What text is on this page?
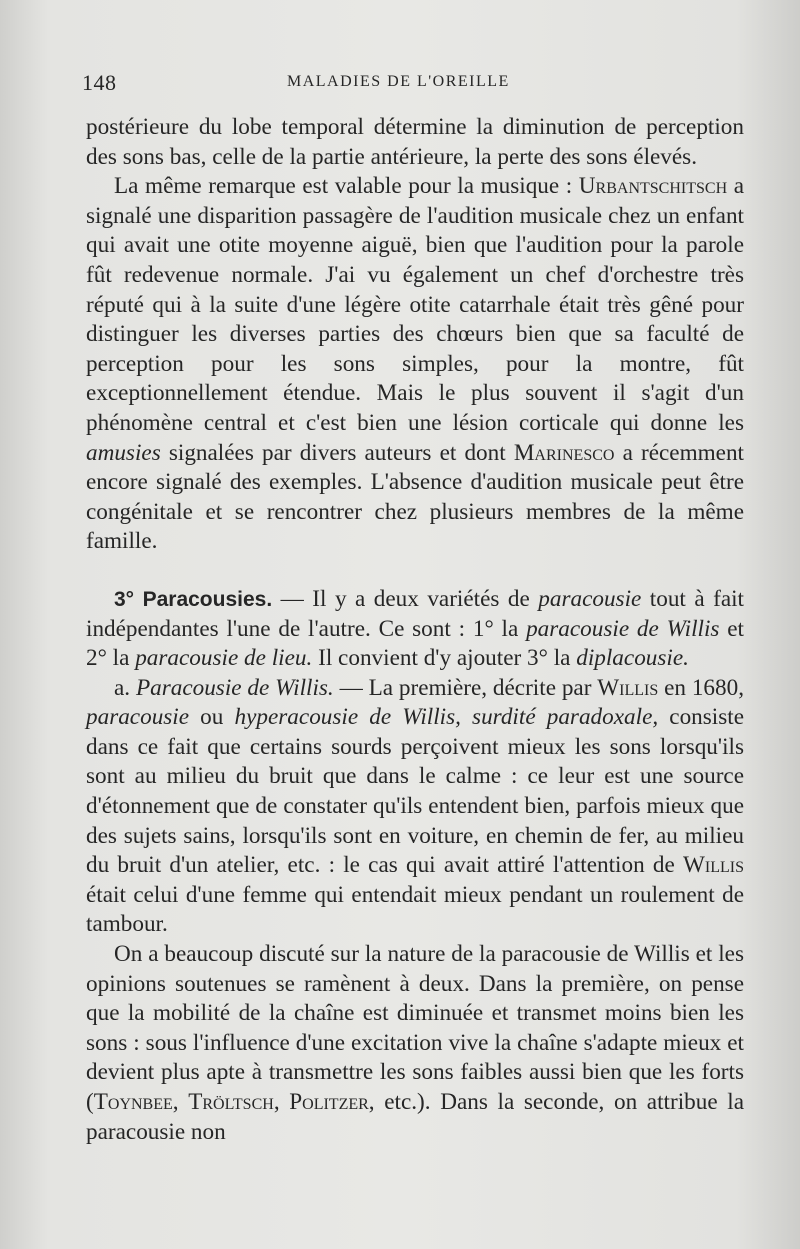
148	MALADIES DE L'OREILLE

postérieure du lobe temporal détermine la diminution de perception des sons bas, celle de la partie antérieure, la perte des sons élevés.

La même remarque est valable pour la musique : Urbantschitsch a signalé une disparition passagère de l'audition musicale chez un enfant qui avait une otite moyenne aiguë, bien que l'audition pour la parole fût redevenue normale. J'ai vu également un chef d'orchestre très réputé qui à la suite d'une légère otite catarrhale était très gêné pour distinguer les diverses parties des chœurs bien que sa faculté de perception pour les sons simples, pour la montre, fût exceptionnellement étendue. Mais le plus souvent il s'agit d'un phénomène central et c'est bien une lésion corticale qui donne les amusies signalées par divers auteurs et dont Marinesco a récemment encore signalé des exemples. L'absence d'audition musicale peut être congénitale et se rencontrer chez plusieurs membres de la même famille.

3° Paracousies. — Il y a deux variétés de paracousie tout à fait indépendantes l'une de l'autre. Ce sont : 1° la paracousie de Willis et 2° la paracousie de lieu. Il convient d'y ajouter 3° la diplacousie.

a. Paracousie de Willis. — La première, décrite par Willis en 1680, paracousie ou hyperacousie de Willis, surdité paradoxale, consiste dans ce fait que certains sourds perçoivent mieux les sons lorsqu'ils sont au milieu du bruit que dans le calme : ce leur est une source d'étonnement que de constater qu'ils entendent bien, parfois mieux que des sujets sains, lorsqu'ils sont en voiture, en chemin de fer, au milieu du bruit d'un atelier, etc. : le cas qui avait attiré l'attention de Willis était celui d'une femme qui entendait mieux pendant un roulement de tambour.

On a beaucoup discuté sur la nature de la paracousie de Willis et les opinions soutenues se ramènent à deux. Dans la première, on pense que la mobilité de la chaîne est diminuée et transmet moins bien les sons : sous l'influence d'une excitation vive la chaîne s'adapte mieux et devient plus apte à transmettre les sons faibles aussi bien que les forts (Toynbee, Tröltsch, Politzer, etc.). Dans la seconde, on attribue la paracousie non
